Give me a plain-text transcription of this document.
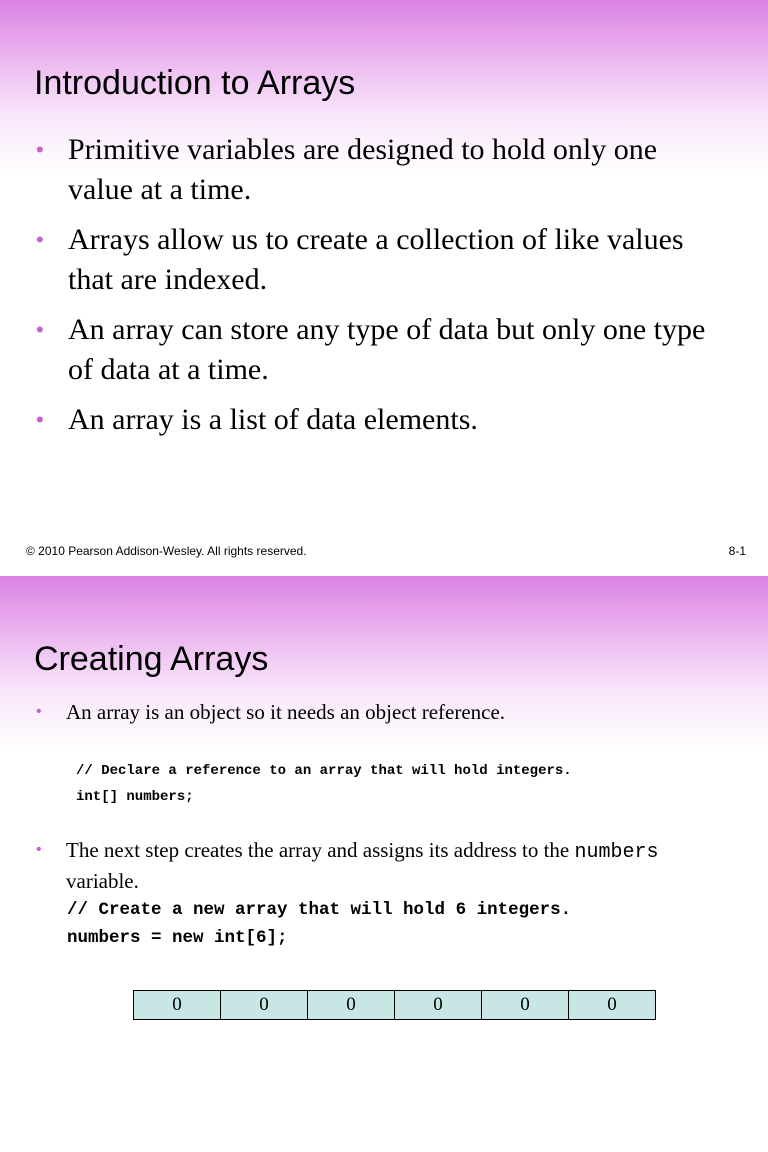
Introduction to Arrays
• Primitive variables are designed to hold only one value at a time.
• Arrays allow us to create a collection of like values that are indexed.
• An array can store any type of data but only one type of data at a time.
• An array is a list of data elements.
© 2010 Pearson Addison-Wesley. All rights reserved.	8-1
Creating Arrays
•	An array is an object so it needs an object reference.
// Declare a reference to an array that will hold integers.
int[] numbers;
•	The next step creates the array and assigns its address to the numbers variable.
// Create a new array that will hold 6 integers.
numbers = new int[6];
0	0	0	0	0	0
